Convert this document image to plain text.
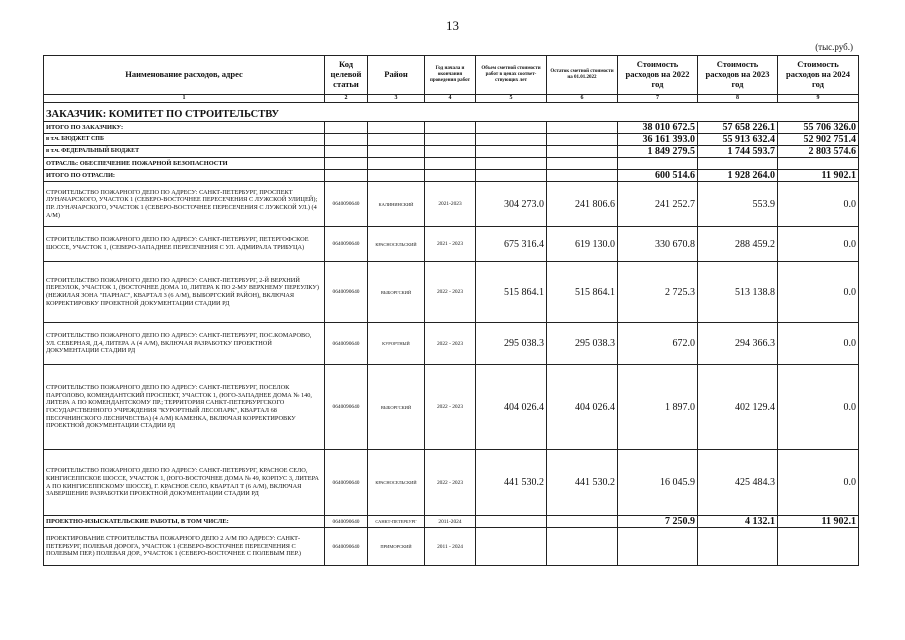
13
(тыс.руб.)
Наименование расходов, адрес	Код целевой статьи	Район	Год начала и окончания проведения работ	Объем сметной стоимости работ в ценах соответ-ствующих лет	Остаток сметной стоимости на 01.01.2022	Стоимость расходов на 2022 год	Стоимость расходов на 2023 год	Стоимость расходов на 2024 год
1	2	3	4	5	6	7	8	9
ЗАКАЗЧИК: КОМИТЕТ ПО СТРОИТЕЛЬСТВУ								
ИТОГО ПО ЗАКАЗЧИКУ:						38 010 672.5	57 658 226.1	55 706 326.0
в т.ч. БЮДЖЕТ СПБ						36 161 393.0	55 913 632.4	52 902 751.4
в т.ч. ФЕДЕРАЛЬНЫЙ БЮДЖЕТ						1 849 279.5	1 744 593.7	2 803 574.6
ОТРАСЛЬ: ОБЕСПЕЧЕНИЕ ПОЖАРНОЙ БЕЗОПАСНОСТИ								
ИТОГО ПО ОТРАСЛИ:						600 514.6	1 928 264.0	11 902.1
СТРОИТЕЛЬСТВО ПОЖАРНОГО ДЕПО ПО АДРЕСУ: САНКТ-ПЕТЕРБУРГ, ПРОСПЕКТ ЛУНАЧАРСКОГО, УЧАСТОК 1 (СЕВЕРО-ВОСТОЧНЕЕ ПЕРЕСЕЧЕНИЯ С ЛУЖСКОЙ УЛИЦЕЙ); ПР. ЛУНАЧАРСКОГО, УЧАСТОК 1 (СЕВЕРО-ВОСТОЧНЕЕ ПЕРЕСЕЧЕНИЯ С ЛУЖСКОЙ УЛ.) (4 А/М)	0640090640	КАЛИНИНСКИЙ	2021-2023	304 273.0	241 806.6	241 252.7	553.9	0.0
СТРОИТЕЛЬСТВО ПОЖАРНОГО ДЕПО ПО АДРЕСУ: САНКТ-ПЕТЕРБУРГ, ПЕТЕРГОФСКОЕ ШОССЕ, УЧАСТОК 1, (СЕВЕРО-ЗАПАДНЕЕ ПЕРЕСЕЧЕНИЯ С УЛ. АДМИРАЛА ТРИБУЦА)	0640090640	КРАСНОСЕЛЬСКИЙ	2021 - 2023	675 316.4	619 130.0	330 670.8	288 459.2	0.0
СТРОИТЕЛЬСТВО ПОЖАРНОГО ДЕПО ПО АДРЕСУ: САНКТ-ПЕТЕРБУРГ, 2-Й ВЕРХНИЙ ПЕРЕУЛОК, УЧАСТОК 1, (ВОСТОЧНЕЕ ДОМА 10, ЛИТЕРА К ПО 2-МУ ВЕРХНЕМУ ПЕРЕУЛКУ) (НЕЖИЛАЯ ЗОНА "ПАРНАС", КВАРТАЛ 3 (6 А/М), ВЫБОРГСКИЙ РАЙОН), ВКЛЮЧАЯ КОРРЕКТИРОВКУ ПРОЕКТНОЙ ДОКУМЕНТАЦИИ СТАДИИ РД	0640090640	ВЫБОРГСКИЙ	2022 - 2023	515 864.1	515 864.1	2 725.3	513 138.8	0.0
СТРОИТЕЛЬСТВО ПОЖАРНОГО ДЕПО ПО АДРЕСУ: САНКТ-ПЕТЕРБУРГ, ПОС.КОМАРОВО, УЛ. СЕВЕРНАЯ, Д.4, ЛИТЕРА А (4 А/М), ВКЛЮЧАЯ РАЗРАБОТКУ ПРОЕКТНОЙ ДОКУМЕНТАЦИИ СТАДИИ РД	0640090640	КУРОРТНЫЙ	2022 - 2023	295 038.3	295 038.3	672.0	294 366.3	0.0
СТРОИТЕЛЬСТВО ПОЖАРНОГО ДЕПО ПО АДРЕСУ: САНКТ-ПЕТЕРБУРГ, ПОСЕЛОК ПАРГОЛОВО, КОМЕНДАНТСКИЙ ПРОСПЕКТ, УЧАСТОК 1, (ЮГО-ЗАПАДНЕЕ ДОМА № 140, ЛИТЕРА А ПО КОМЕНДАНТСКОМУ ПР.; ТЕРРИТОРИЯ САНКТ-ПЕТЕРБУРГСКОГО ГОСУДАРСТВЕННОГО УЧРЕЖДЕНИЯ "КУРОРТНЫЙ ЛЕСОПАРК", КВАРТАЛ 68 ПЕСОЧНИНСКОГО ЛЕСНИЧЕСТВА) (4 А/М) КАМЕНКА, ВКЛЮЧАЯ КОРРЕКТИРОВКУ ПРОЕКТНОЙ ДОКУМЕНТАЦИИ СТАДИИ РД	0640090640	ВЫБОРГСКИЙ	2022 - 2023	404 026.4	404 026.4	1 897.0	402 129.4	0.0
СТРОИТЕЛЬСТВО ПОЖАРНОГО ДЕПО ПО АДРЕСУ: САНКТ-ПЕТЕРБУРГ, КРАСНОЕ СЕЛО, КИНГИСЕППСКОЕ ШОССЕ, УЧАСТОК 1, (ЮГО-ВОСТОЧНЕЕ ДОМА № 49, КОРПУС 3, ЛИТЕРА А ПО КИНГИСЕППСКОМУ ШОССЕ), Г. КРАСНОЕ СЕЛО, КВАРТАЛ Т (6 А/М), ВКЛЮЧАЯ ЗАВЕРШЕНИЕ РАЗРАБОТКИ ПРОЕКТНОЙ ДОКУМЕНТАЦИИ СТАДИИ РД	0640090640	КРАСНОСЕЛЬСКИЙ	2022 - 2023	441 530.2	441 530.2	16 045.9	425 484.3	0.0
ПРОЕКТНО-ИЗЫСКАТЕЛЬСКИЕ РАБОТЫ, В ТОМ ЧИСЛЕ:	0640090640	САНКТ-ПЕТЕРБУРГ	2011-2024			7 250.9	4 132.1	11 902.1
ПРОЕКТИРОВАНИЕ СТРОИТЕЛЬСТВА ПОЖАРНОГО ДЕПО 2 А/М ПО АДРЕСУ: САНКТ-ПЕТЕРБУРГ, ПОЛЕВАЯ ДОРОГА, УЧАСТОК 1 (СЕВЕРО-ВОСТОЧНЕЕ ПЕРЕСЕЧЕНИЯ С ПОЛЕВЫМ ПЕР.) ПОЛЕВАЯ ДОР., УЧАСТОК 1 (СЕВЕРО-ВОСТОЧНЕЕ С ПОЛЕВЫМ ПЕР.)	0640090640	ПРИМОРСКИЙ	2011 - 2024					
